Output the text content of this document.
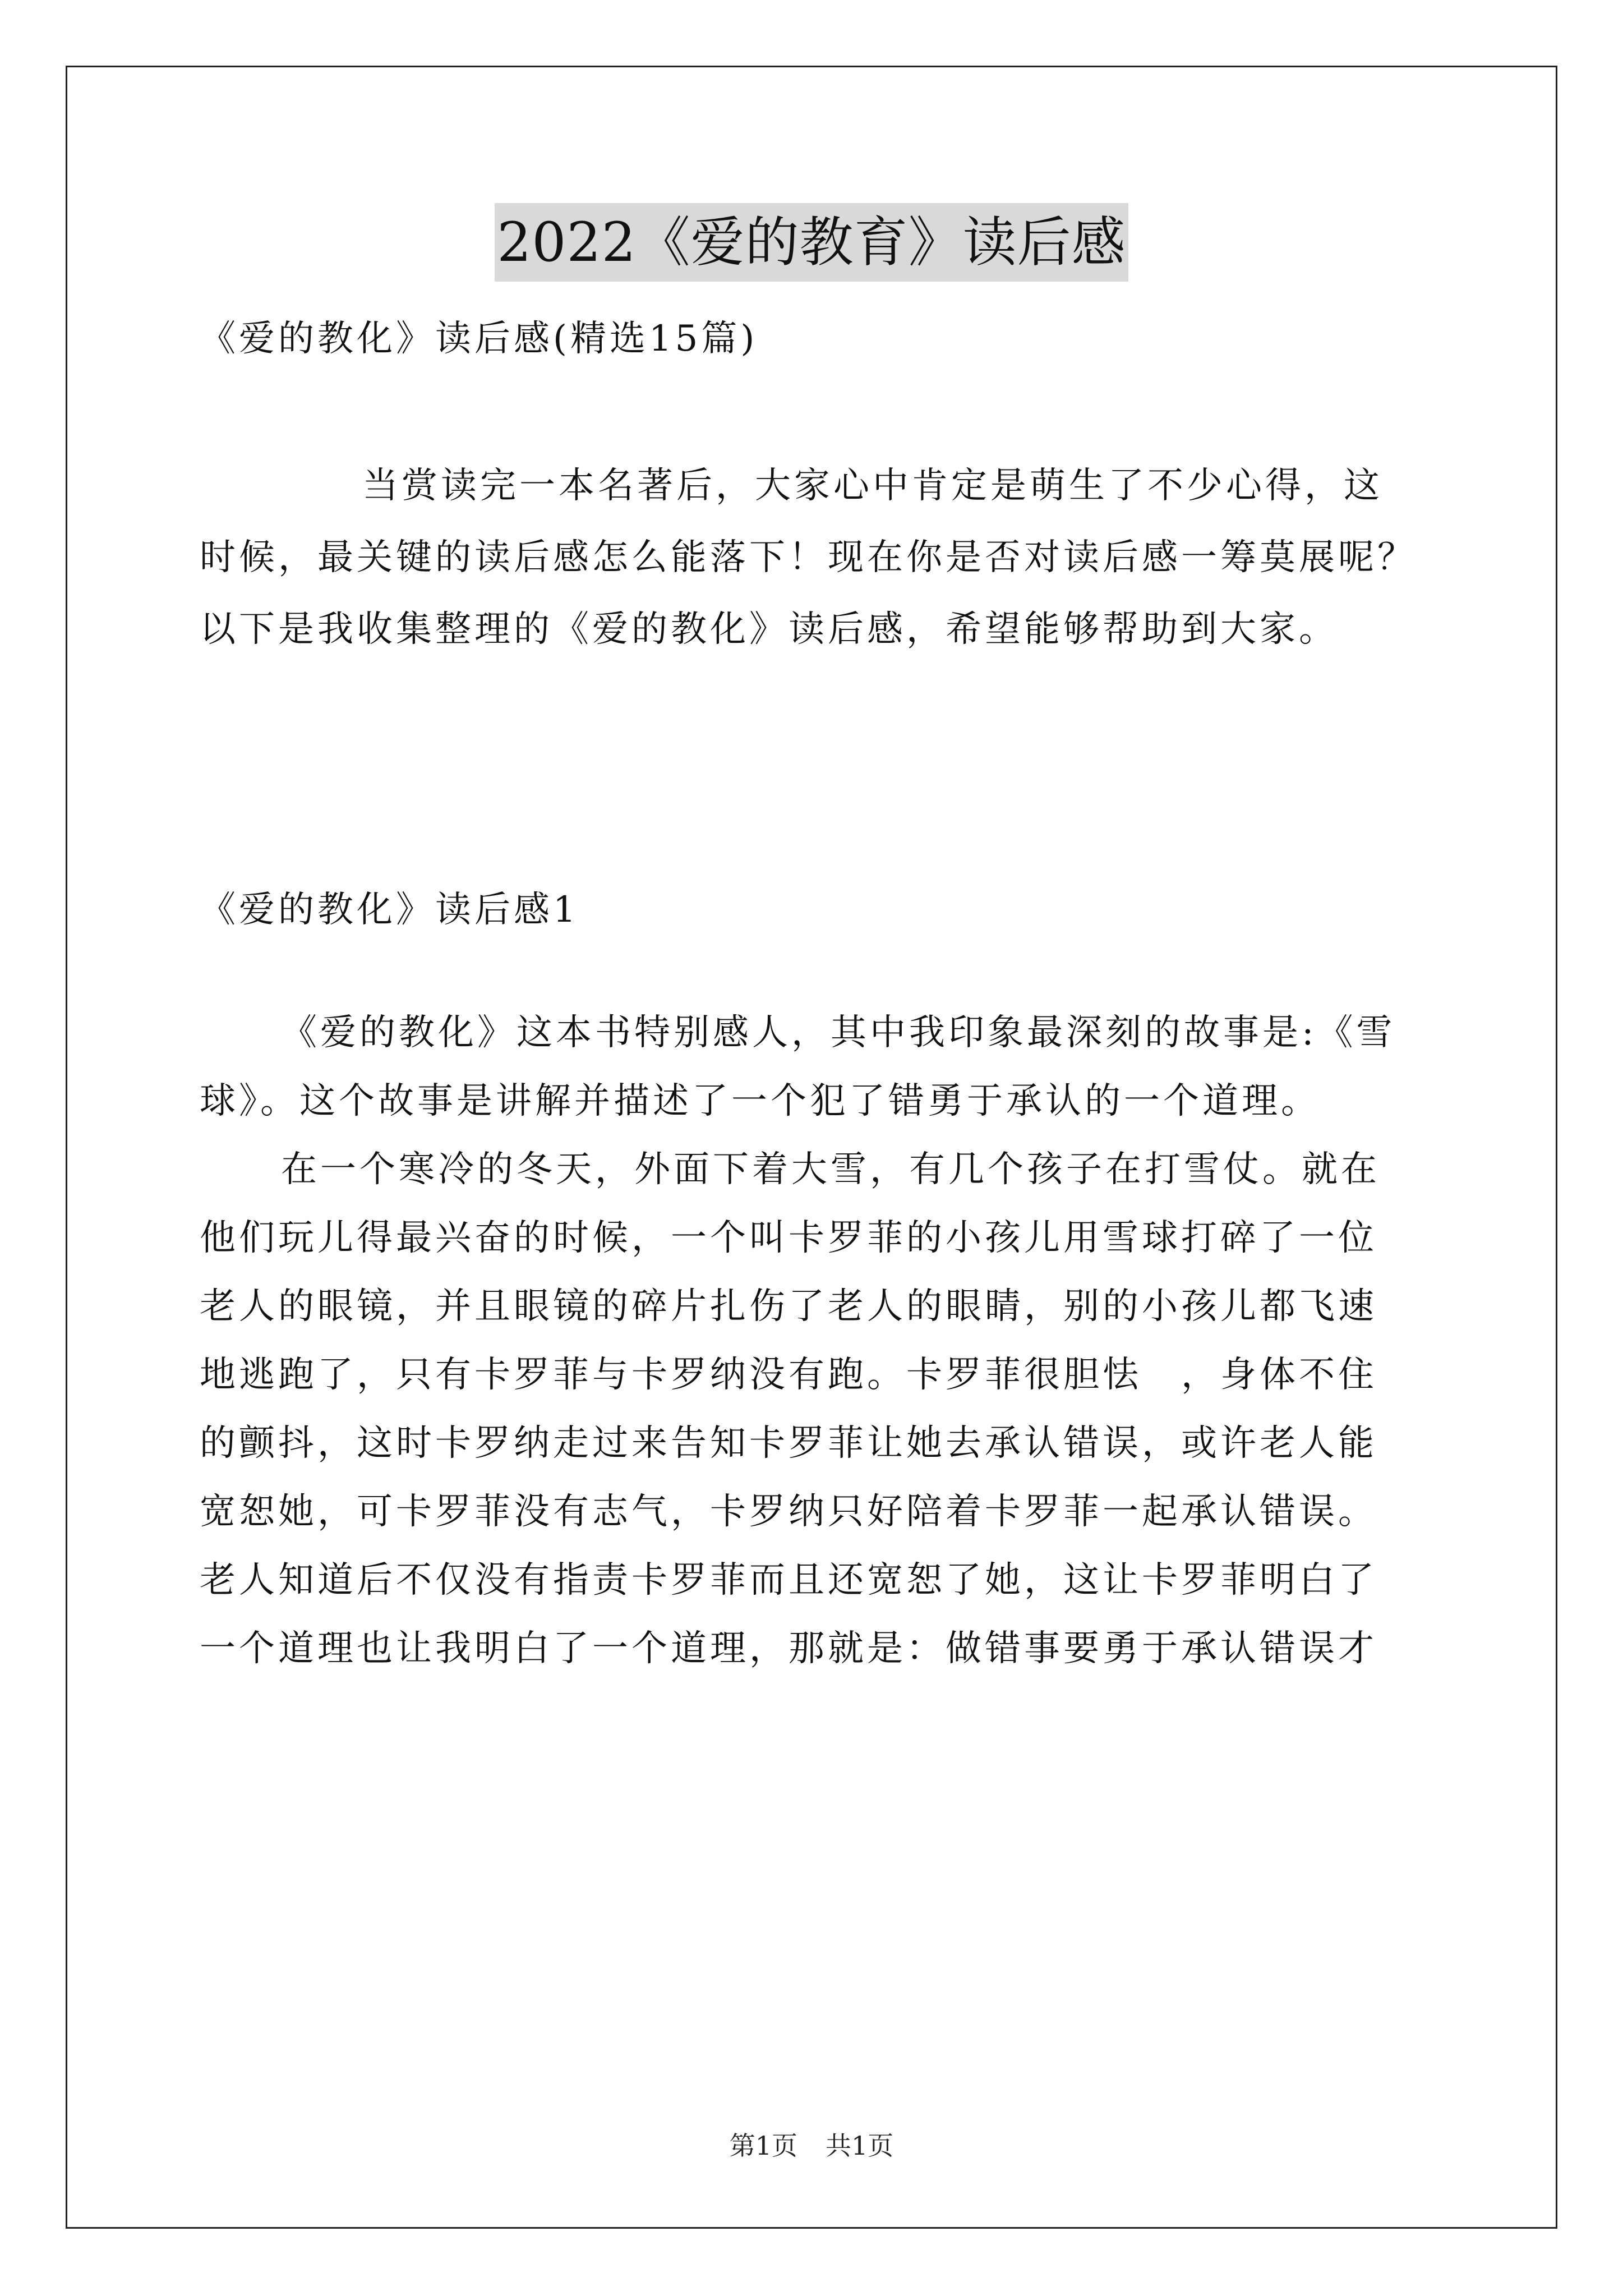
2022《爱的教育》读后感
《爱的教化》读后感(精选15篇)
当赏读完一本名著后，大家心中肯定是萌生了不少心得，这
时候，最关键的读后感怎么能落下！现在你是否对读后感一筹莫展呢？
以下是我收集整理的《爱的教化》读后感，希望能够帮助到大家。
《爱的教化》读后感1
《爱的教化》这本书特别感人，其中我印象最深刻的故事是:《雪
球》。这个故事是讲解并描述了一个犯了错勇于承认的一个道理。
在一个寒冷的冬天，外面下着大雪，有几个孩子在打雪仗。就在
他们玩儿得最兴奋的时候，一个叫卡罗菲的小孩儿用雪球打碎了一位
老人的眼镜，并且眼镜的碎片扎伤了老人的眼睛，别的小孩儿都飞速
地逃跑了，只有卡罗菲与卡罗纳没有跑。卡罗菲很胆怯　，身体不住
的颤抖，这时卡罗纳走过来告知卡罗菲让她去承认错误，或许老人能
宽恕她，可卡罗菲没有志气，卡罗纳只好陪着卡罗菲一起承认错误。
老人知道后不仅没有指责卡罗菲而且还宽恕了她，这让卡罗菲明白了
一个道理也让我明白了一个道理，那就是：做错事要勇于承认错误才
第1页 共1页
